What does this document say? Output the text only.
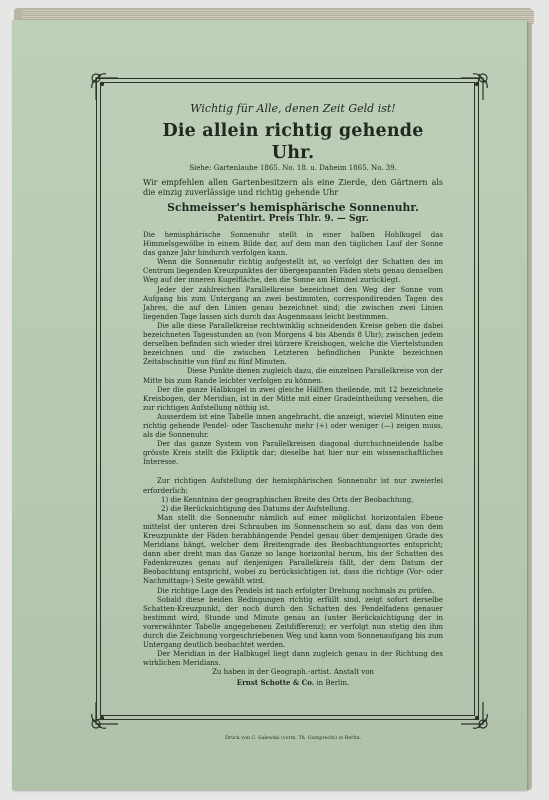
Wichtig für Alle, denen Zeit Geld ist!
Die allein richtig gehende Uhr.
Siehe: Gartenlaube 1865. No. 18. u. Daheim 1865. No. 39.
Wir empfehlen allen Gartenbesitzern als eine Zierde, den Gärtnern als die einzig zuverlässige und richtig gehende Uhr
Schmeisser's hemisphärische Sonnenuhr.
Patentirt. Preis Thlr. 9. — Sgr.

Die hemisphärische Sonnenuhr stellt in einer halben Hohlkugel das Himmelsgewölbe in einem Bilde dar, auf dem man den täglichen Lauf der Sonne das ganze Jahr hindurch verfolgen kann.

Wenn die Sonnenuhr richtig aufgestellt ist, so verfolgt der Schatten des im Centrum liegenden Kreuzpunktes der übergespannten Fäden stets genau denselben Weg auf der inneren Kugelfläche, den die Sonne am Himmel zurücklegt.

Jeder der zahlreichen Parallelkreise bezeichnet den Weg der Sonne vom Aufgang bis zum Untergang an zwei bestimmten, correspondirenden Tagen des Jahres, die auf den Linien genau bezeichnet sind; die zwischen zwei Linien liegenden Tage lassen sich durch das Augenmaass leicht bestimmen.

Die alle diese Parallelkreise rechtwinklig schneidenden Kreise geben die dabei bezeichneten Tagesstunden an (von Morgens 4 bis Abends 8 Uhr); zwischen jedem derselben befinden sich wieder drei kürzere Kreisbogen, welche die Viertelstunden bezeichnen und die zwischen Letzteren befindlichen Punkte bezeichnen Zeitabschnitte von fünf zu fünf Minuten.

Diese Punkte dienen zugleich dazu, die einzelnen Parallelkreise von der Mitte bis zum Rande leichter verfolgen zu können.

Der die ganze Halbkugel in zwei gleiche Hälften theilende, mit 12 bezeichnete Kreisbogen, der Meridian, ist in der Mitte mit einer Gradeintheilung versehen, die zur richtigen Aufstellung nöthig ist.

Ausserdem ist eine Tabelle innen angebracht, die anzeigt, wieviel Minuten eine richtig gehende Pendel- oder Taschenuhr mehr (+) oder weniger (—) zeigen muss, als die Sonnenuhr.

Der das ganze System von Parallelkreisen diagonal durchschneidende halbe grösste Kreis stellt die Ekliptik dar; dieselbe hat hier nur ein wissenschaftliches Interesse.

Zur richtigen Aufstellung der hemisphärischen Sonnenuhr ist nur zweierlei erforderlich:

1) die Kenntniss der geographischen Breite des Orts der Beobachtung,

2) die Berücksichtigung des Datums der Aufstellung.

Man stellt die Sonnenuhr nämlich auf einer möglichst horizontalen Ebene mittelst der unteren drei Schrauben im Sonnenschein so auf, dass das von dem Kreuzpunkte der Fäden herabhängende Pendel genau über demjenigen Grade des Meridians hängt, welcher dem Breitengrade des Beobachtungsortes entspricht; dann aber dreht man das Ganze so lange horizontal herum, bis der Schatten des Fadenkreuzes genau auf denjenigen Parallelkreis fällt, der dem Datum der Beobachtung entspricht, wobei zu berücksichtigen ist, dass die richtige (Vor- oder Nachmittags-) Seite gewählt wird.

Die richtige Lage des Pendels ist nach erfolgter Drehung nochmals zu prüfen.

Sobald diese beiden Bedingungen richtig erfüllt sind, zeigt sofort derselbe Schatten-Kreuzpunkt, der noch durch den Schatten des Pendelfadens genauer bestimmt wird, Stunde und Minute genau an (unter Berücksichtigung der in vorerwähnter Tabelle angegebenen Zeitdifferenz); er verfolgt nun stetig den ihm durch die Zeichnung vorgeschriebenen Weg und kann vom Sonnenaufgang bis zum Untergang deutlich beobachtet werden.

Der Meridian in der Halbkugel liegt dann zugleich genau in der Richtung des wirklichen Meridians.

Zu haben in der Geograph.-artist. Anstalt von

Ernst Schotte & Co. in Berlin.

Druck von C. Salewski (vorm. Th. Gumprecht) in Berlin.
